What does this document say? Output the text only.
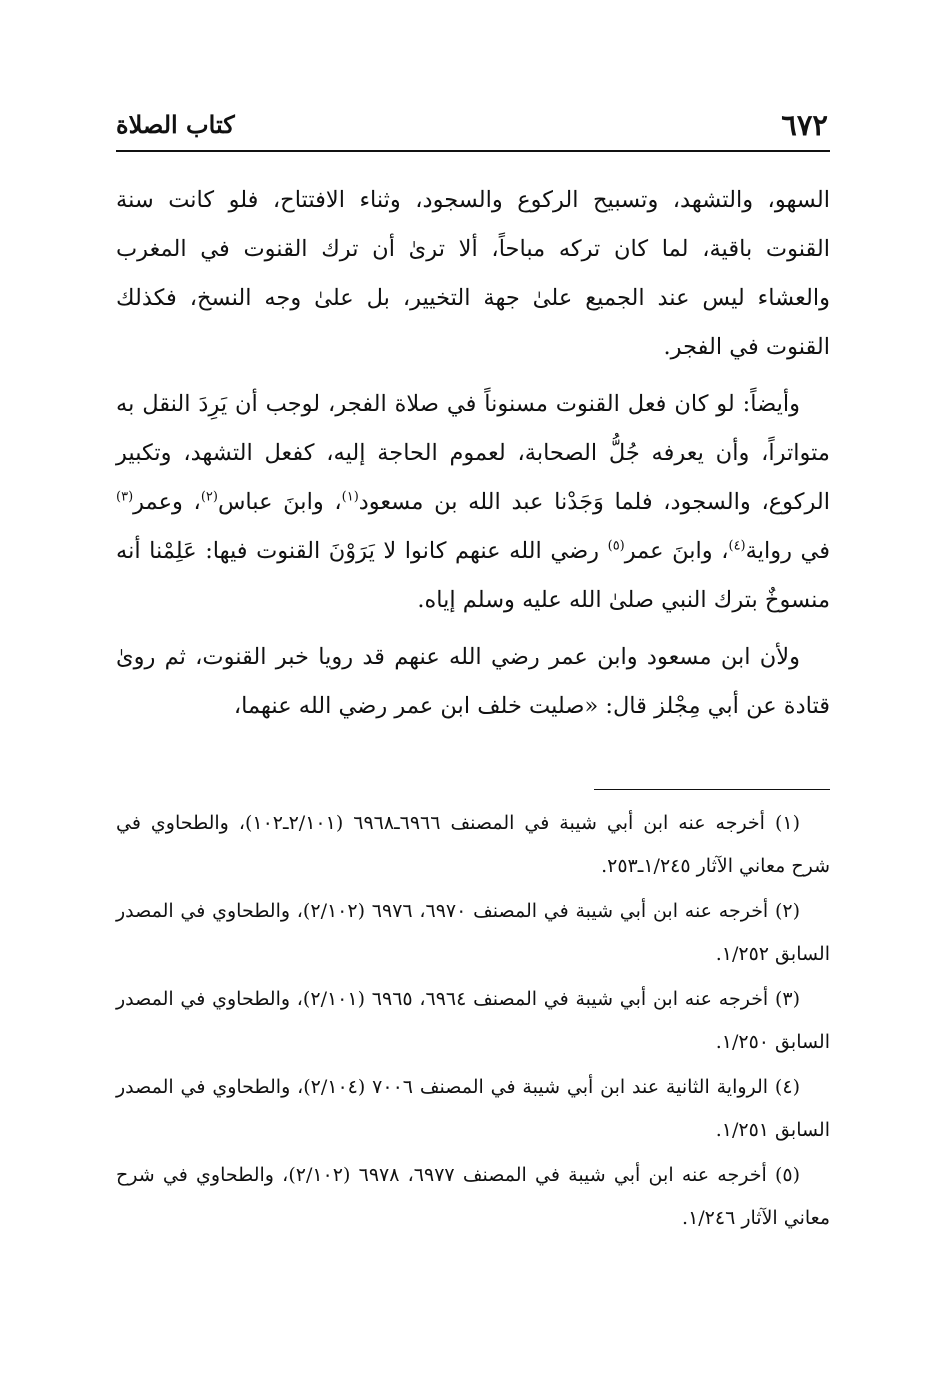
٦٧٢
كتاب الصلاة

السهو، والتشهد، وتسبيح الركوع والسجود، وثناء الافتتاح، فلو كانت سنة القنوت باقية، لما كان تركه مباحاً، ألا ترىٰ أن ترك القنوت في المغرب والعشاء ليس عند الجميع علىٰ جهة التخيير، بل علىٰ وجه النسخ، فكذلك القنوت في الفجر.

وأيضاً: لو كان فعل القنوت مسنوناً في صلاة الفجر، لوجب أن يَرِدَ النقل به متواتراً، وأن يعرفه جُلُّ الصحابة، لعموم الحاجة إليه، كفعل التشهد، وتكبير الركوع، والسجود، فلما وَجَدْنا عبد الله بن مسعود$^{(١)}$، وابنَ عباس$^{(٢)}$، وعمر$^{(٣)}$ في رواية$^{(٤)}$، وابنَ عمر$^{(٥)}$ رضي الله عنهم كانوا لا يَرَوْنَ القنوت فيها: عَلِمْنا أنه منسوخٌ بترك النبي صلىٰ الله عليه وسلم إياه.

ولأن ابن مسعود وابن عمر رضي الله عنهم قد رويا خبر القنوت، ثم روىٰ قتادة عن أبي مِجْلز قال: «صليت خلف ابن عمر رضي الله عنهما،

(١) أخرجه عنه ابن أبي شيبة في المصنف ٦٩٦٦ـ٦٩٦٨ (٢/١٠١ـ١٠٢)، والطحاوي في شرح معاني الآثار ١/٢٤٥ـ٢٥٣.

(٢) أخرجه عنه ابن أبي شيبة في المصنف ٦٩٧٠، ٦٩٧٦ (٢/١٠٢)، والطحاوي في المصدر السابق ١/٢٥٢.

(٣) أخرجه عنه ابن أبي شيبة في المصنف ٦٩٦٤، ٦٩٦٥ (٢/١٠١)، والطحاوي في المصدر السابق ١/٢٥٠.

(٤) الرواية الثانية عند ابن أبي شيبة في المصنف ٧٠٠٦ (٢/١٠٤)، والطحاوي في المصدر السابق ١/٢٥١.

(٥) أخرجه عنه ابن أبي شيبة في المصنف ٦٩٧٧، ٦٩٧٨ (٢/١٠٢)، والطحاوي في شرح معاني الآثار ١/٢٤٦.
